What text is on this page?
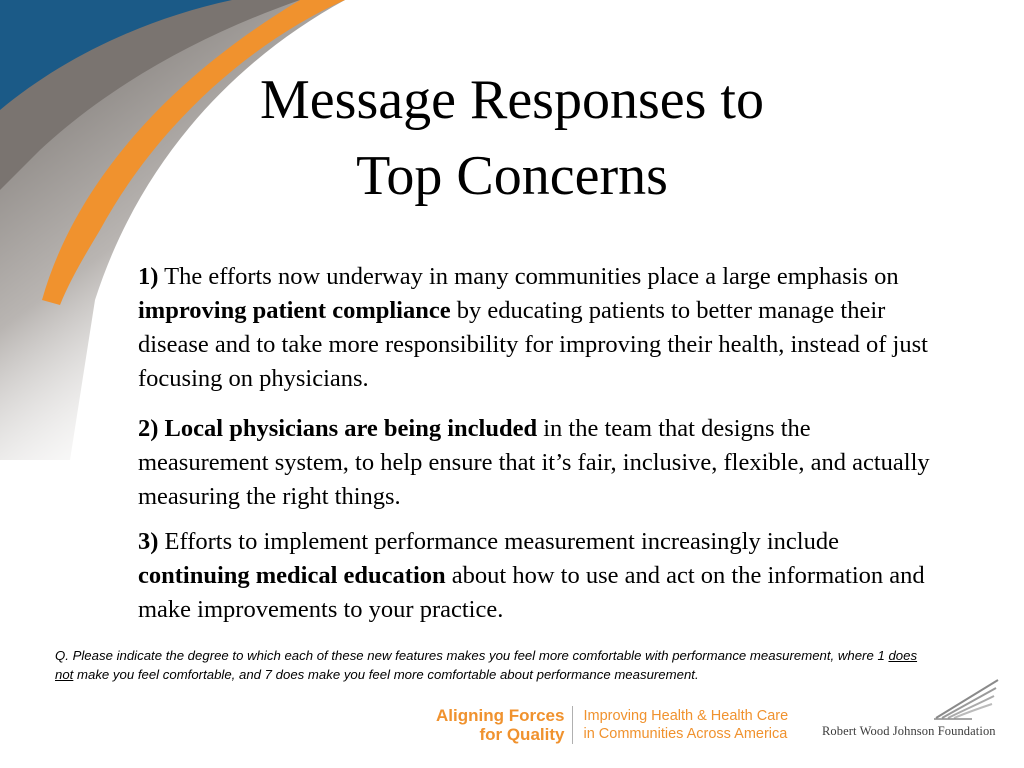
Message Responses to
Top Concerns
1) The efforts now underway in many communities place a large emphasis on improving patient compliance by educating patients to better manage their disease and to take more responsibility for improving their health, instead of just focusing on physicians.
2) Local physicians are being included in the team that designs the measurement system, to help ensure that it’s fair, inclusive, flexible, and actually measuring the right things.
3) Efforts to implement performance measurement increasingly include continuing medical education about how to use and act on the information and make improvements to your practice.
Q. Please indicate the degree to which each of these new features makes you feel more comfortable with performance measurement, where 1 does not make you feel comfortable, and 7 does make you feel more comfortable about performance measurement.
Aligning Forces
for Quality
Improving Health & Health Care
in Communities Across America	Robert Wood Johnson Foundation
